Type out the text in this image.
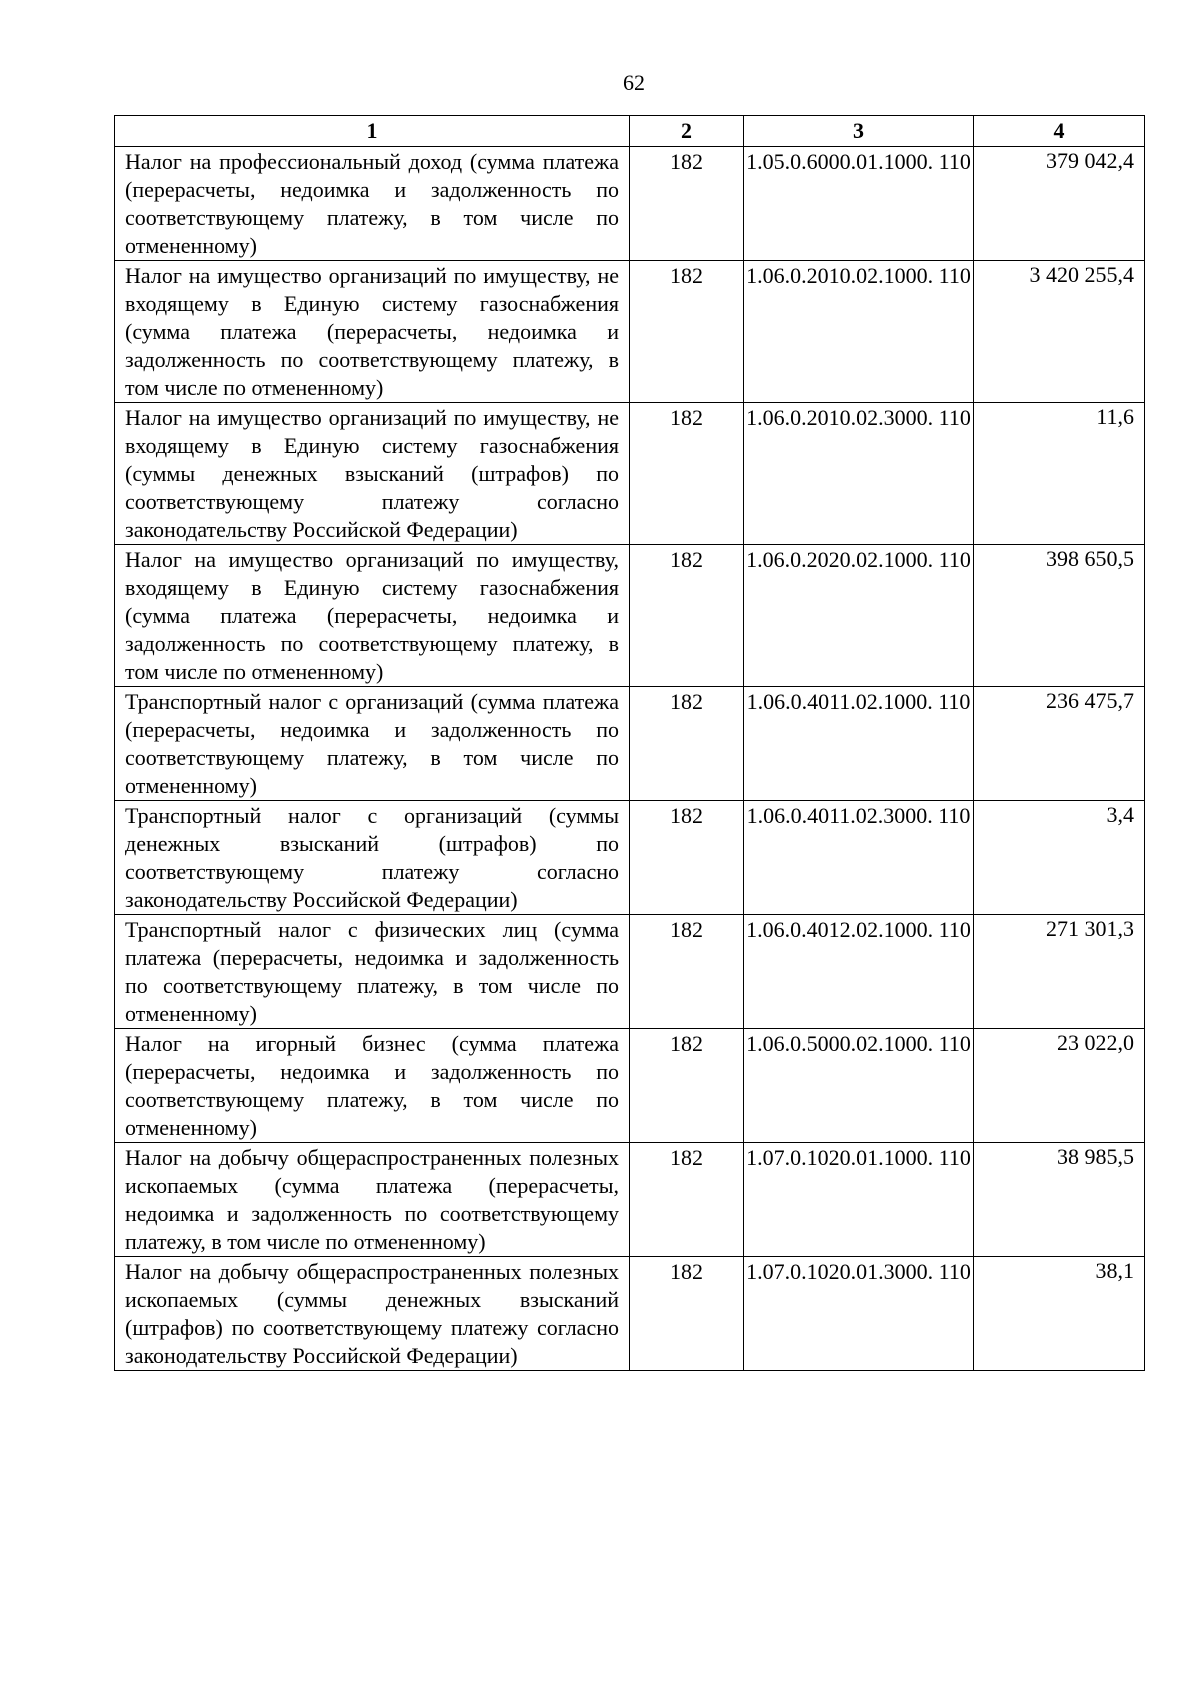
62
1	2	3	4
Налог на профессиональный доход (сумма платежа (перерасчеты, недоимка и задолженность по соответствующему платежу, в том числе по отмененному)	182	1.05.0.6000.01.1000. 110	379 042,4
Налог на имущество организаций по имуществу, не входящему в Единую систему газоснабжения (сумма платежа (перерасчеты, недоимка и задолженность по соответствующему платежу, в том числе по отмененному)	182	1.06.0.2010.02.1000. 110	3 420 255,4
Налог на имущество организаций по имуществу, не входящему в Единую систему газоснабжения (суммы денежных взысканий (штрафов) по соответствующему платежу согласно законодательству Российской Федерации)	182	1.06.0.2010.02.3000. 110	11,6
Налог на имущество организаций по имуществу, входящему в Единую систему газоснабжения (сумма платежа (перерасчеты, недоимка и задолженность по соответствующему платежу, в том числе по отмененному)	182	1.06.0.2020.02.1000. 110	398 650,5
Транспортный налог с организаций (сумма платежа (перерасчеты, недоимка и задолженность по соответствующему платежу, в том числе по отмененному)	182	1.06.0.4011.02.1000. 110	236 475,7
Транспортный налог с организаций (суммы денежных взысканий (штрафов) по соответствующему платежу согласно законодательству Российской Федерации)	182	1.06.0.4011.02.3000. 110	3,4
Транспортный налог с физических лиц (сумма платежа (перерасчеты, недоимка и задолженность по соответствующему платежу, в том числе по отмененному)	182	1.06.0.4012.02.1000. 110	271 301,3
Налог на игорный бизнес (сумма платежа (перерасчеты, недоимка и задолженность по соответствующему платежу, в том числе по отмененному)	182	1.06.0.5000.02.1000. 110	23 022,0
Налог на добычу общераспространенных полезных ископаемых (сумма платежа (перерасчеты, недоимка и задолженность по соответствующему платежу, в том числе по отмененному)	182	1.07.0.1020.01.1000. 110	38 985,5
Налог на добычу общераспространенных полезных ископаемых (суммы денежных взысканий (штрафов) по соответствующему платежу согласно законодательству Российской Федерации)	182	1.07.0.1020.01.3000. 110	38,1
